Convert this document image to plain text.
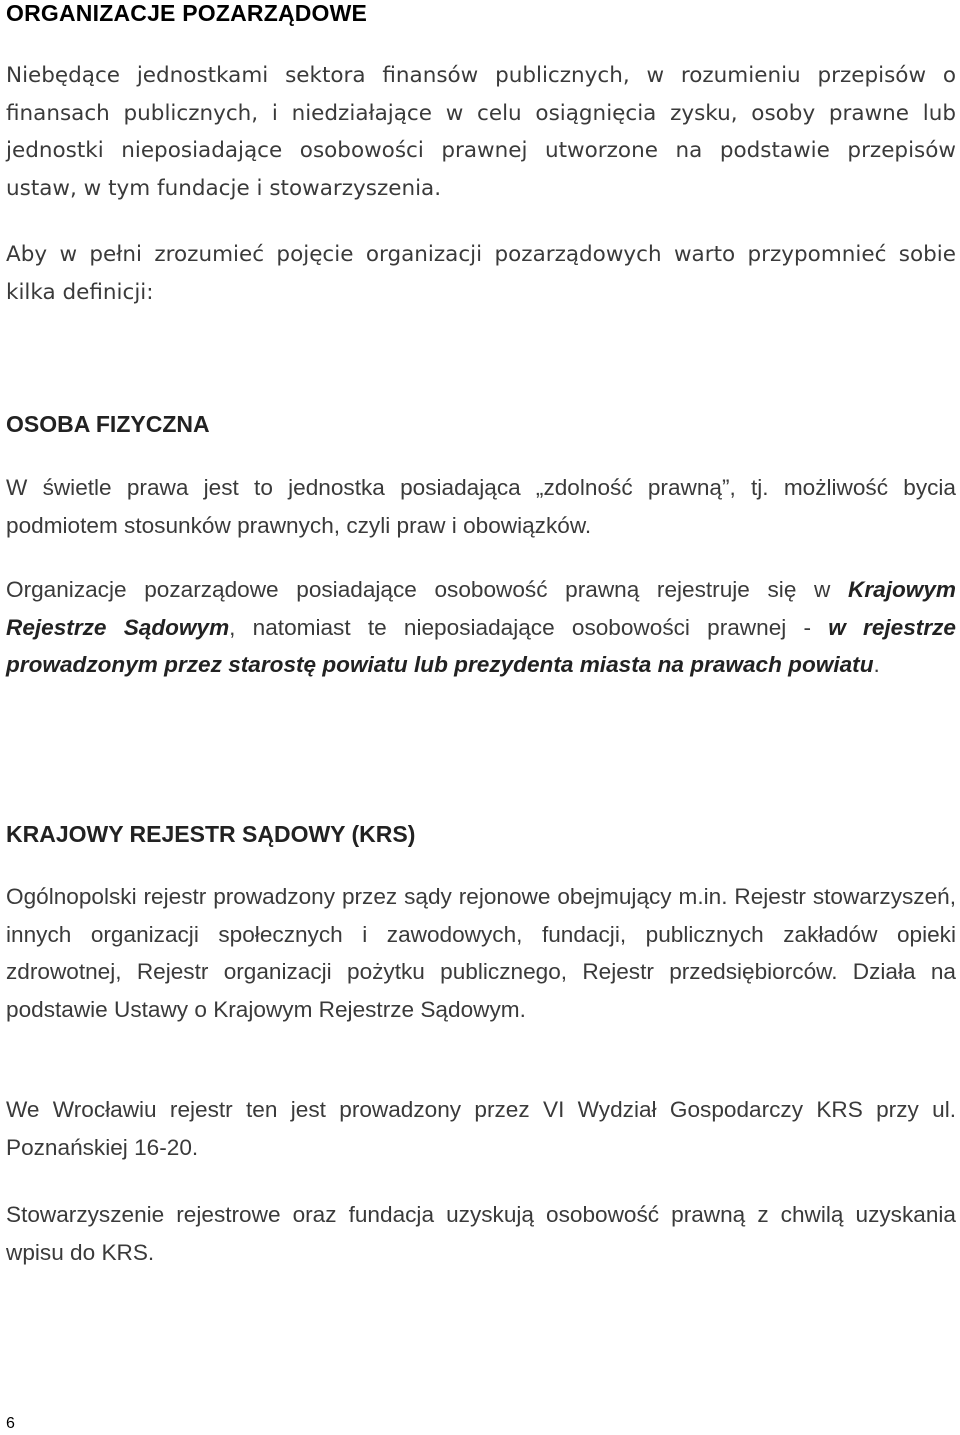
ORGANIZACJE POZARZĄDOWE

Niebędące jednostkami sektora finansów publicznych, w rozumieniu przepisów o finansach publicznych, i niedziałające w celu osiągnięcia zysku, osoby prawne lub jednostki nieposiadające osobowości prawnej utworzone na podstawie przepisów ustaw, w tym fundacje i stowarzyszenia.

Aby w pełni zrozumieć pojęcie organizacji pozarządowych warto przypomnieć sobie kilka definicji:

OSOBA FIZYCZNA

W świetle prawa jest to jednostka posiadająca „zdolność prawną”, tj. możliwość bycia podmiotem stosunków prawnych, czyli praw i obowiązków.

Organizacje pozarządowe posiadające osobowość prawną rejestruje się w Krajowym Rejestrze Sądowym, natomiast te nieposiadające osobowości prawnej - w rejestrze prowadzonym przez starostę powiatu lub prezydenta miasta na prawach powiatu.

KRAJOWY REJESTR SĄDOWY (KRS)

Ogólnopolski rejestr prowadzony przez sądy rejonowe obejmujący m.in. Rejestr stowarzyszeń, innych organizacji społecznych i zawodowych, fundacji, publicznych zakładów opieki zdrowotnej, Rejestr organizacji pożytku publicznego, Rejestr przedsiębiorców. Działa na podstawie Ustawy o Krajowym Rejestrze Sądowym.

We Wrocławiu rejestr ten jest prowadzony przez VI Wydział Gospodarczy KRS przy ul. Poznańskiej 16-20.

Stowarzyszenie rejestrowe oraz fundacja uzyskują osobowość prawną z chwilą uzyskania wpisu do KRS.

6
